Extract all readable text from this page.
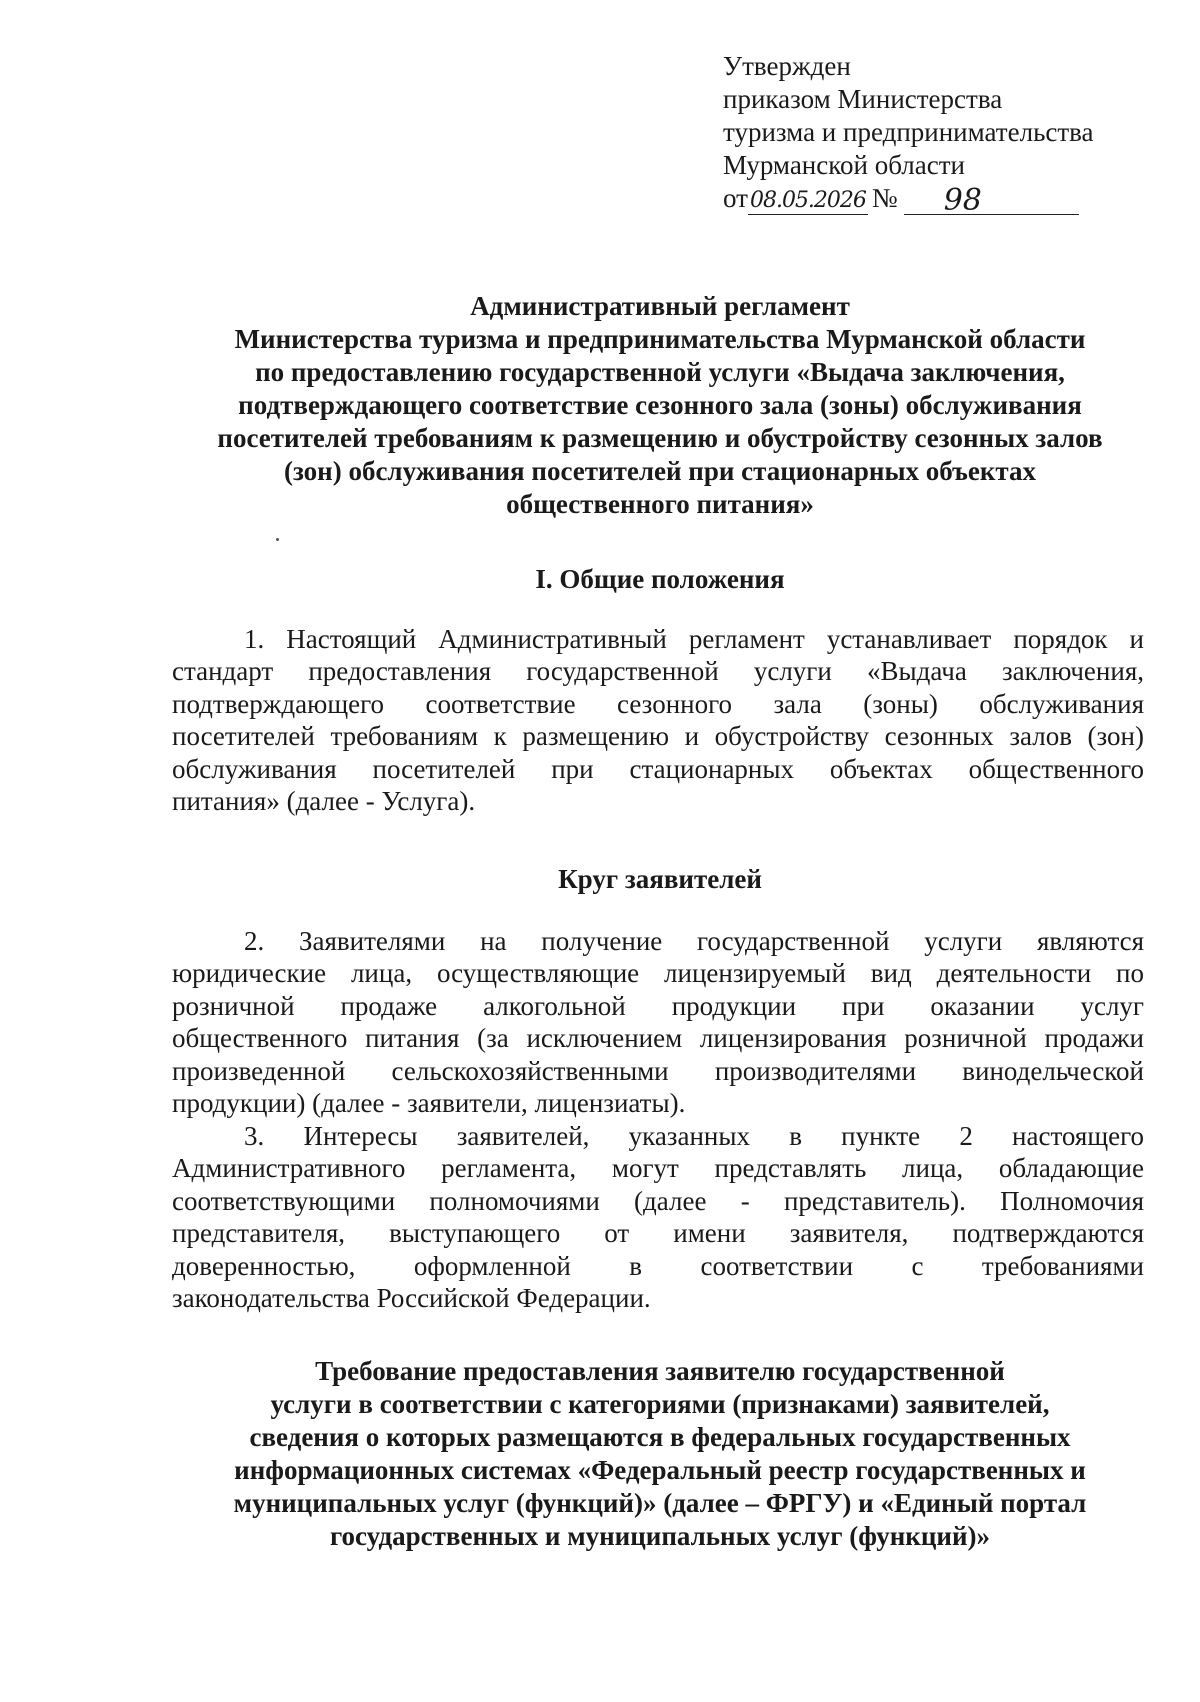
Утвержден
приказом Министерства
туризма и предпринимательства
Мурманской области
от 08.05.2026 №	98
Административный регламент
Министерства туризма и предпринимательства Мурманской области
по предоставлению государственной услуги «Выдача заключения,
подтверждающего соответствие сезонного зала (зоны) обслуживания
посетителей требованиям к размещению и обустройству сезонных залов
(зон) обслуживания посетителей при стационарных объектах
общественного питания»
I. Общие положения
1. Настоящий Административный регламент устанавливает порядок и
стандарт предоставления государственной услуги «Выдача заключения,
подтверждающего соответствие сезонного зала (зоны) обслуживания
посетителей требованиям к размещению и обустройству сезонных залов (зон)
обслуживания посетителей при стационарных объектах общественного
питания» (далее - Услуга).
Круг заявителей
2. Заявителями на получение государственной услуги являются
юридические лица, осуществляющие лицензируемый вид деятельности по
розничной продаже алкогольной продукции при оказании услуг
общественного питания (за исключением лицензирования розничной продажи
произведенной сельскохозяйственными производителями винодельческой
продукции) (далее - заявители, лицензиаты).
3. Интересы заявителей, указанных в пункте 2 настоящего
Административного регламента, могут представлять лица, обладающие
соответствующими полномочиями (далее - представитель). Полномочия
представителя, выступающего от имени заявителя, подтверждаются
доверенностью, оформленной в соответствии с требованиями
законодательства Российской Федерации.
Требование предоставления заявителю государственной
услуги в соответствии с категориями (признаками) заявителей,
сведения о которых размещаются в федеральных государственных
информационных системах «Федеральный реестр государственных и
муниципальных услуг (функций)» (далее – ФРГУ) и «Единый портал
государственных и муниципальных услуг (функций)»
